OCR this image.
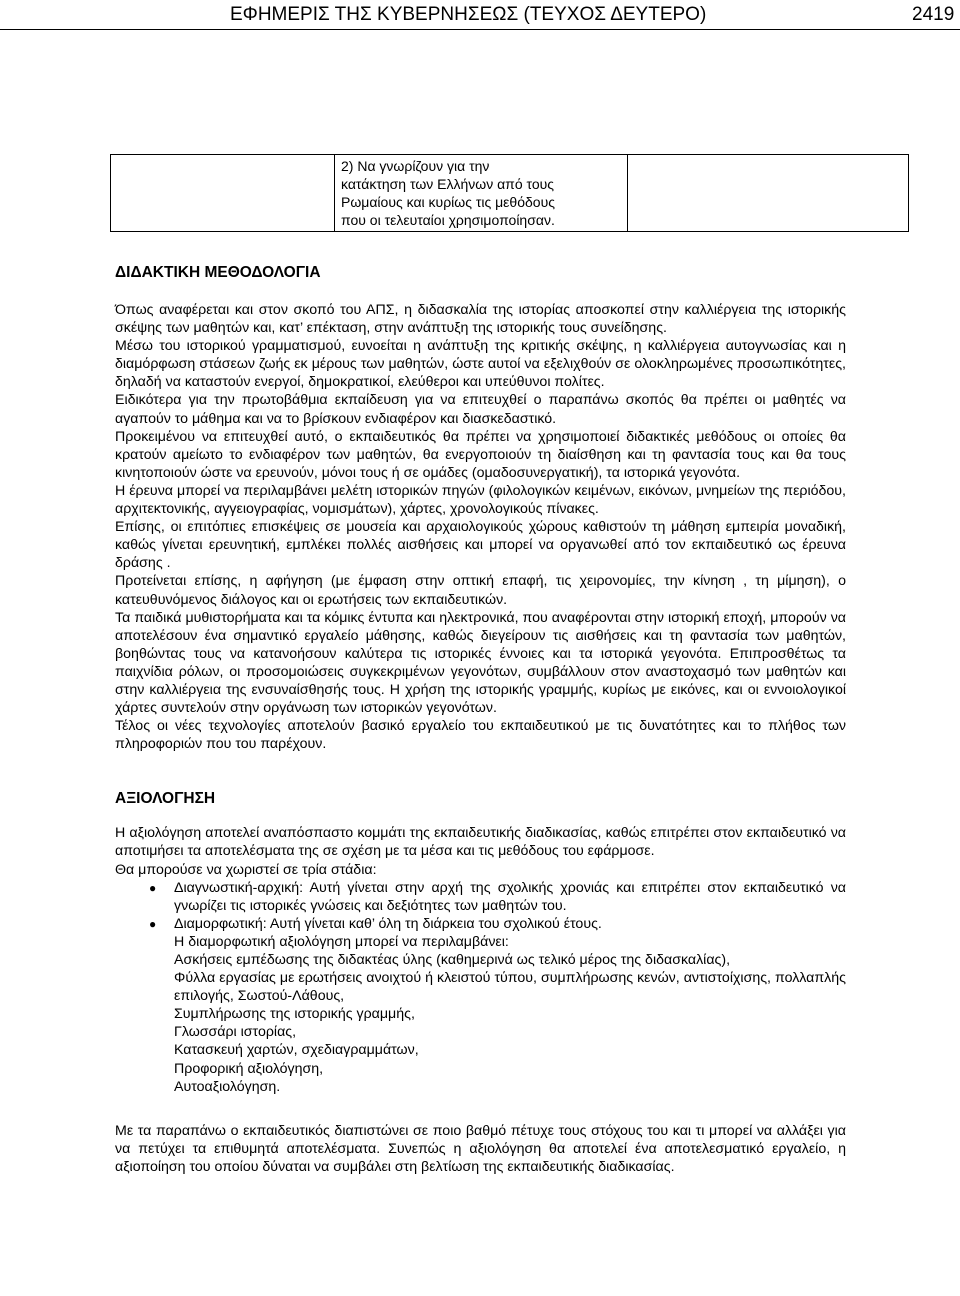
ΕΦΗΜΕΡΙΣ ΤΗΣ ΚΥΒΕΡΝΗΣΕΩΣ (ΤΕΥΧΟΣ ΔΕΥΤΕΡΟ)	2419

2) Να γνωρίζουν για την
κατάκτηση των Ελλήνων από τους
Ρωμαίους και κυρίως τις μεθόδους
που οι τελευταίοι χρησιμοποίησαν.

ΔΙΔΑΚΤΙΚΗ ΜΕΘΟΔΟΛΟΓΙΑ

Όπως αναφέρεται και στον σκοπό του ΑΠΣ, η διδασκαλία της ιστορίας αποσκοπεί στην καλλιέργεια της ιστορικής σκέψης των μαθητών και, κατ’ επέκταση, στην ανάπτυξη της ιστορικής τους συνείδησης.

Μέσω του ιστορικού γραμματισμού, ευνοείται η ανάπτυξη της κριτικής σκέψης, η καλλιέργεια αυτογνωσίας και η διαμόρφωση στάσεων ζωής εκ μέρους των μαθητών, ώστε αυτοί να εξελιχθούν σε ολοκληρωμένες προσωπικότητες, δηλαδή να καταστούν ενεργοί, δημοκρατικοί, ελεύθεροι και υπεύθυνοι πολίτες.

Ειδικότερα για την πρωτοβάθμια εκπαίδευση για να επιτευχθεί ο παραπάνω σκοπός θα πρέπει οι μαθητές να αγαπούν το μάθημα και να το βρίσκουν ενδιαφέρον και διασκεδαστικό.

Προκειμένου να επιτευχθεί αυτό, ο εκπαιδευτικός θα πρέπει να χρησιμοποιεί διδακτικές μεθόδους οι οποίες θα κρατούν αμείωτο το ενδιαφέρον των μαθητών, θα ενεργοποιούν τη διαίσθηση και τη φαντασία τους και θα τους κινητοποιούν ώστε να ερευνούν, μόνοι τους ή σε ομάδες (ομαδοσυνεργατική), τα ιστορικά γεγονότα.

Η έρευνα μπορεί να περιλαμβάνει μελέτη ιστορικών πηγών (φιλολογικών κειμένων, εικόνων, μνημείων της περιόδου, αρχιτεκτονικής, αγγειογραφίας, νομισμάτων), χάρτες, χρονολογικούς πίνακες.

Επίσης, οι επιτόπιες επισκέψεις σε μουσεία και αρχαιολογικούς χώρους καθιστούν τη μάθηση εμπειρία μοναδική, καθώς γίνεται ερευνητική, εμπλέκει πολλές αισθήσεις και μπορεί να οργανωθεί από τον εκπαιδευτικό ως έρευνα δράσης .

Προτείνεται επίσης, η αφήγηση (με έμφαση στην οπτική επαφή, τις χειρονομίες, την κίνηση , τη μίμηση), ο κατευθυνόμενος διάλογος και οι ερωτήσεις των εκπαιδευτικών.

Τα παιδικά μυθιστορήματα και τα κόμικς έντυπα και ηλεκτρονικά, που αναφέρονται στην ιστορική εποχή, μπορούν να αποτελέσουν ένα σημαντικό εργαλείο μάθησης, καθώς διεγείρουν τις αισθήσεις και τη φαντασία των μαθητών, βοηθώντας τους να κατανοήσουν καλύτερα τις ιστορικές έννοιες και τα ιστορικά γεγονότα. Επιπροσθέτως τα παιχνίδια ρόλων, οι προσομοιώσεις συγκεκριμένων γεγονότων, συμβάλλουν στον αναστοχασμό των μαθητών και στην καλλιέργεια της ενσυναίσθησής τους. Η χρήση της ιστορικής γραμμής, κυρίως με εικόνες, και οι εννοιολογικοί χάρτες συντελούν στην οργάνωση των ιστορικών γεγονότων.

Τέλος οι νέες τεχνολογίες αποτελούν βασικό εργαλείο του εκπαιδευτικού με τις δυνατότητες και το πλήθος των πληροφοριών που του παρέχουν.

ΑΞΙΟΛΟΓΗΣΗ

Η αξιολόγηση αποτελεί αναπόσπαστο κομμάτι της εκπαιδευτικής διαδικασίας, καθώς επιτρέπει στον εκπαιδευτικό να αποτιμήσει τα αποτελέσματα της σε σχέση με τα μέσα και τις μεθόδους του εφάρμοσε.

Θα μπορούσε να χωριστεί σε τρία στάδια:

● Διαγνωστική-αρχική: Αυτή γίνεται στην αρχή της σχολικής χρονιάς και επιτρέπει στον εκπαιδευτικό να γνωρίζει τις ιστορικές γνώσεις και δεξιότητες των μαθητών του.
● Διαμορφωτική: Αυτή γίνεται καθ’ όλη τη διάρκεια του σχολικού έτους.
Η διαμορφωτική αξιολόγηση μπορεί να περιλαμβάνει:
Ασκήσεις εμπέδωσης της διδακτέας ύλης (καθημερινά ως τελικό μέρος της διδασκαλίας),
Φύλλα εργασίας με ερωτήσεις ανοιχτού ή κλειστού τύπου, συμπλήρωσης κενών, αντιστοίχισης, πολλαπλής επιλογής, Σωστού-Λάθους,
Συμπλήρωσης της ιστορικής γραμμής,
Γλωσσάρι ιστορίας,
Κατασκευή χαρτών, σχεδιαγραμμάτων,
Προφορική αξιολόγηση,
Αυτοαξιολόγηση.

Με τα παραπάνω ο εκπαιδευτικός διαπιστώνει σε ποιο βαθμό πέτυχε τους στόχους του και τι μπορεί να αλλάξει για να πετύχει τα επιθυμητά αποτελέσματα. Συνεπώς η αξιολόγηση θα αποτελεί ένα αποτελεσματικό εργαλείο, η αξιοποίηση του οποίου δύναται να συμβάλει στη βελτίωση της εκπαιδευτικής διαδικασίας.
